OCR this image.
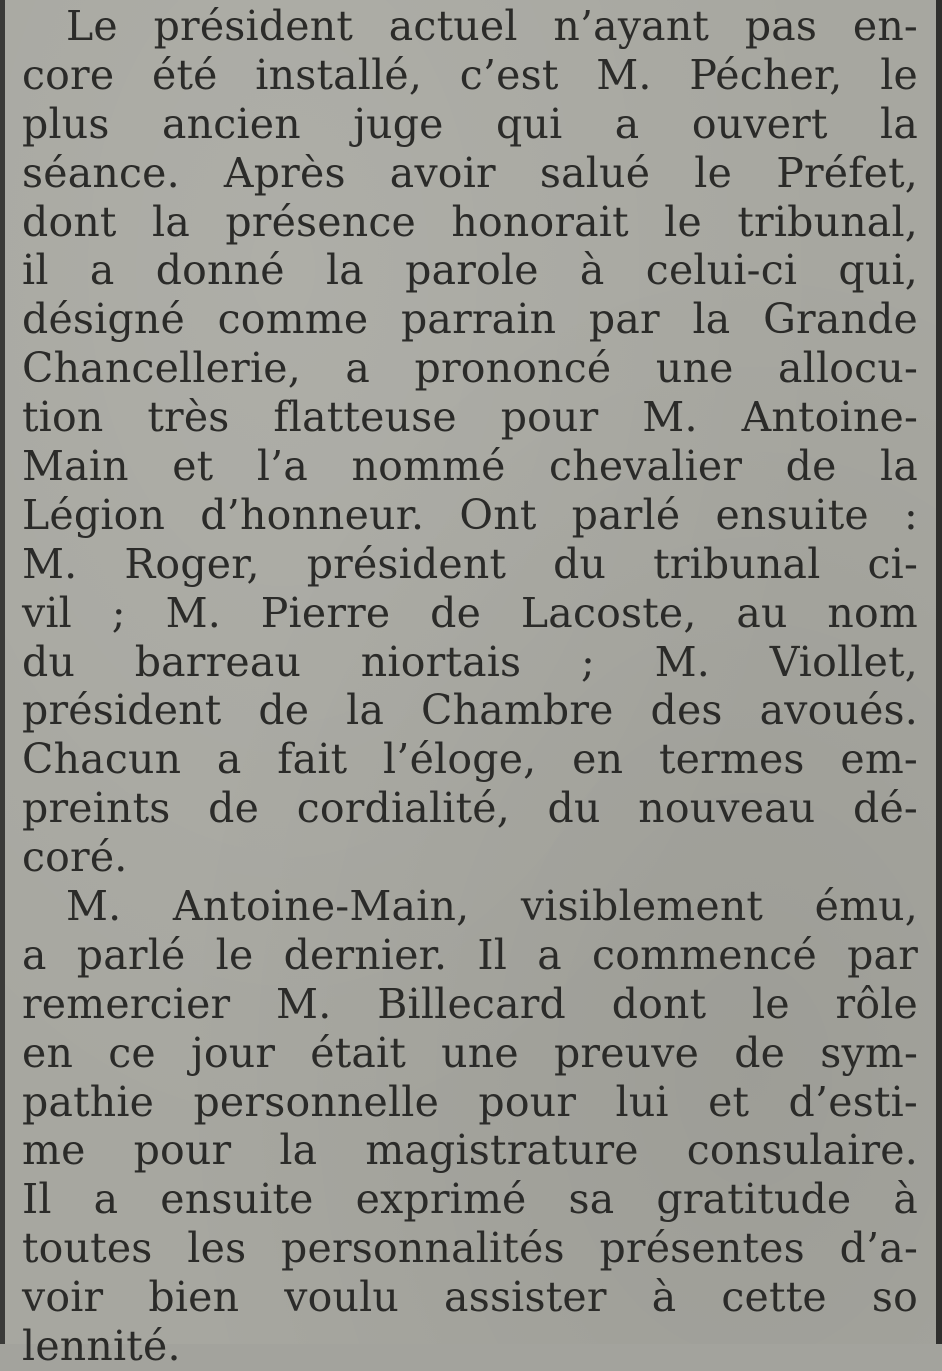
Le président actuel n’ayant pas en-
core été installé, c’est M. Pécher, le
plus ancien juge qui a ouvert la
séance. Après avoir salué le Préfet,
dont la présence honorait le tribunal,
il a donné la parole à celui-ci qui,
désigné comme parrain par la Grande
Chancellerie, a prononcé une allocu-
tion très flatteuse pour M. Antoine-
Main et l’a nommé chevalier de la
Légion d’honneur. Ont parlé ensuite :
M. Roger, président du tribunal ci-
vil ; M. Pierre de Lacoste, au nom
du barreau niortais ; M. Viollet,
président de la Chambre des avoués.
Chacun a fait l’éloge, en termes em-
preints de cordialité, du nouveau dé-
coré.
M. Antoine-Main, visiblement ému,
a parlé le dernier. Il a commencé par
remercier M. Billecard dont le rôle
en ce jour était une preuve de sym-
pathie personnelle pour lui et d’esti-
me pour la magistrature consulaire.
Il a ensuite exprimé sa gratitude à
toutes les personnalités présentes d’a-
voir bien voulu assister à cette so
lennité.
